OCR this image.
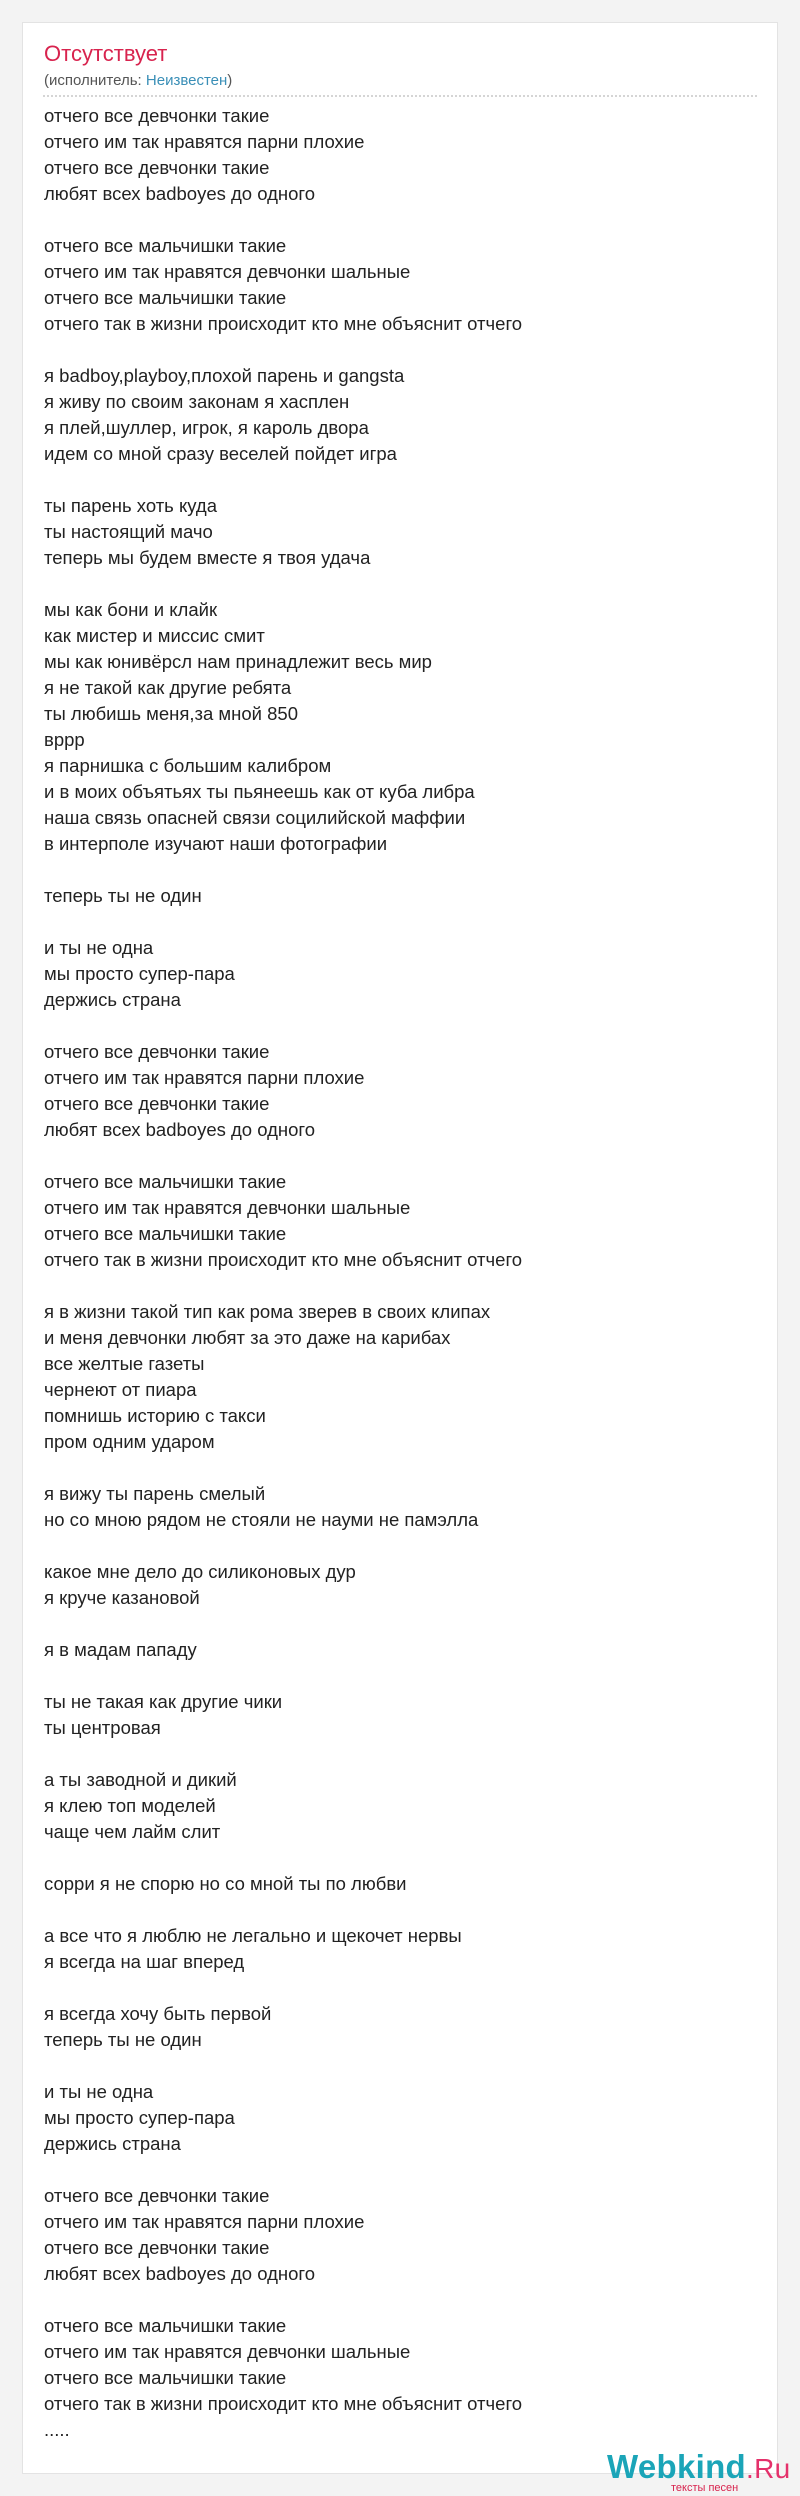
Отсутствует
(исполнитель: Неизвестен)
отчего все девчонки такие
отчего им так нравятся парни плохие
отчего все девчонки такие
любят всех badboyes до одного
отчего все мальчишки такие
отчего им так нравятся девчонки шальные
отчего все мальчишки такие
отчего так в жизни происходит кто мне объяснит отчего
я badboy,playboy,плохой парень и gangsta
я живу по своим законам я хасплен
я плей,шуллер, игрок, я кароль двора
идем со мной сразу веселей пойдет игра
ты парень хоть куда
ты настоящий мачо
теперь мы будем вместе я твоя удача
мы как бони и клайк
как мистер и миссис смит
мы как юнивёрсл нам принадлежит весь мир
я не такой как другие ребята
ты любишь меня,за мной 850
вррр
я парнишка с большим калибром
и в моих объятьях ты пьянеешь как от куба либра
наша связь опасней связи социлийской маффии
в интерполе изучают наши фотографии
теперь ты не один
и ты не одна
мы просто супер-пара
держись страна
отчего все девчонки такие
отчего им так нравятся парни плохие
отчего все девчонки такие
любят всех badboyes до одного
отчего все мальчишки такие
отчего им так нравятся девчонки шальные
отчего все мальчишки такие
отчего так в жизни происходит кто мне объяснит отчего
я в жизни такой тип как рома зверев в своих клипах
и меня девчонки любят за это даже на карибах
все желтые газеты
чернеют от пиара
помнишь историю с такси
пром одним ударом
я вижу ты парень смелый
но со мною рядом не стояли не науми не памэлла
какое мне дело до силиконовых дур
я круче казановой
я в мадам пападу
ты не такая как другие чики
ты центровая
а ты заводной и дикий
я клею топ моделей
чаще чем лайм слит
сорри я не спорю но со мной ты по любви
а все что я люблю не легально и щекочет нервы
я всегда на шаг вперед
я всегда хочу быть первой
теперь ты не один
и ты не одна
мы просто супер-пара
держись страна
отчего все девчонки такие
отчего им так нравятся парни плохие
отчего все девчонки такие
любят всех badboyes до одного
отчего все мальчишки такие
отчего им так нравятся девчонки шальные
отчего все мальчишки такие
отчего так в жизни происходит кто мне объяснит отчего
.....
Webkind.Ru
тексты песен
